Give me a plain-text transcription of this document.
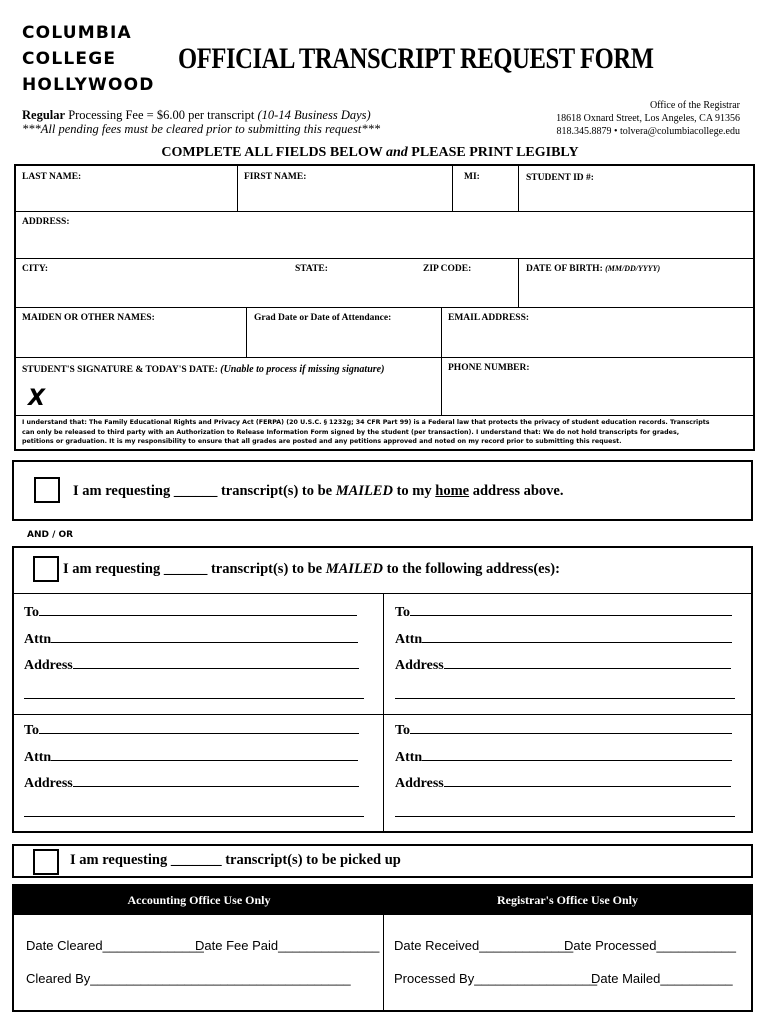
COLUMBIA
COLLEGE
HOLLYWOOD
OFFICIAL TRANSCRIPT REQUEST FORM
Regular Processing Fee = $6.00 per transcript (10-14 Business Days)
***All pending fees must be cleared prior to submitting this request***
Office of the Registrar
18618 Oxnard Street, Los Angeles, CA 91356
818.345.8879 • tolvera@columbiacollege.edu
COMPLETE ALL FIELDS BELOW and PLEASE PRINT LEGIBLY
LAST NAME:	FIRST NAME:	MI:	STUDENT ID #:
ADDRESS:
CITY:	STATE:	ZIP CODE:	DATE OF BIRTH: (MM/DD/YYYY)
MAIDEN OR OTHER NAMES:	Grad Date or Date of Attendance:	EMAIL ADDRESS:
STUDENT'S SIGNATURE & TODAY'S DATE: (Unable to process if missing signature)
X
PHONE NUMBER:
I understand that: The Family Educational Rights and Privacy Act (FERPA) (20 U.S.C. § 1232g; 34 CFR Part 99) is a Federal law that protects the privacy of student education records. Transcripts can only be released to third party with an Authorization to Release Information Form signed by the student (per transaction). I understand that: We do not hold transcripts for grades, petitions or graduation. It is my responsibility to ensure that all grades are posted and any petitions approved and noted on my record prior to submitting this request.
I am requesting ______ transcript(s) to be MAILED to my home address above.
AND / OR
I am requesting ______ transcript(s) to be MAILED to the following address(es):
To
Attn
Address
To
Attn
Address
To
Attn
Address
To
Attn
Address
I am requesting _______ transcript(s) to be picked up
Accounting Office Use Only	Registrar's Office Use Only
Date Cleared______________
Date Fee Paid______________
Cleared By____________________________________
Date Received_____________
Date Processed___________
Processed By_________________
Date Mailed__________
